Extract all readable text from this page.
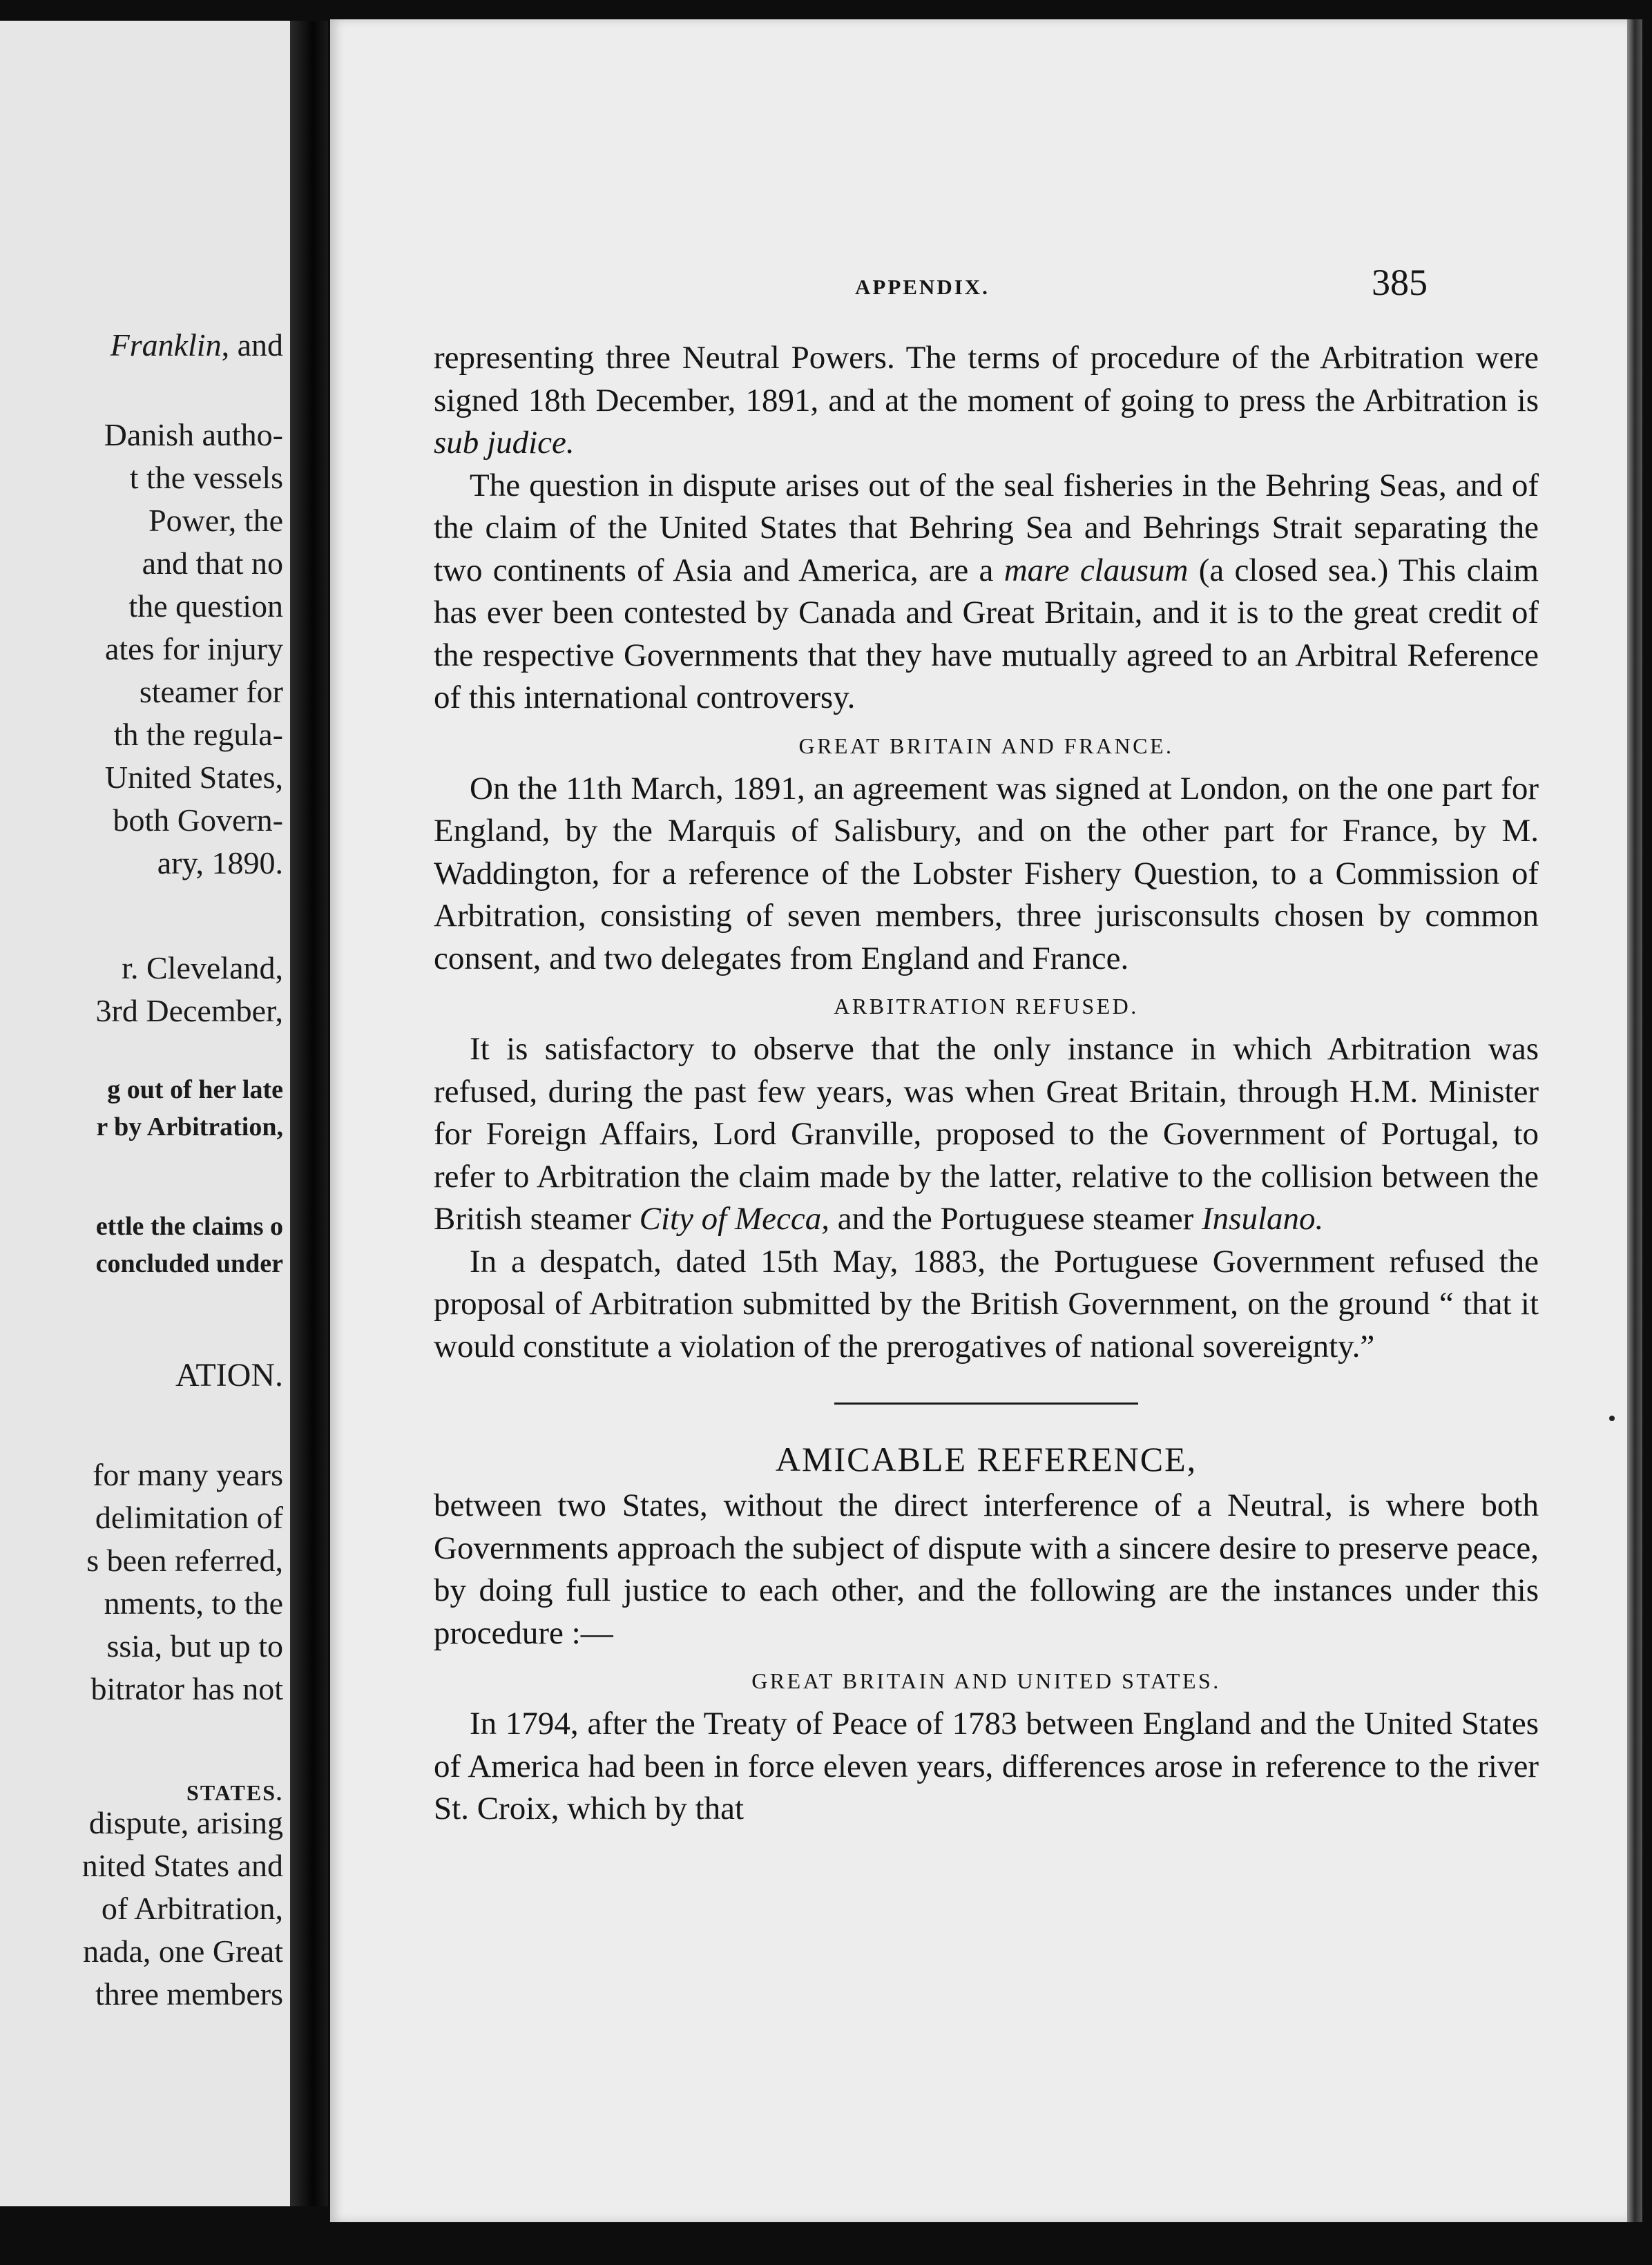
Franklin, and
Danish autho-
t the vessels
Power, the
and that no
the question
ates for injury
steamer for
th the regula-
United States,
both Govern-
ary, 1890.
r. Cleveland,
3rd December,
g out of her late
r by Arbitration,
ettle the claims o
concluded under
ATION.
for many years
delimitation of
s been referred,
nments, to the
ssia, but up to
bitrator has not
STATES.
dispute, arising
nited States and
of Arbitration,
nada, one Great
three members
APPENDIX.	385

representing three Neutral Powers. The terms of procedure of the Arbitration were signed 18th December, 1891, and at the moment of going to press the Arbitration is sub judice.

The question in dispute arises out of the seal fisheries in the Behring Seas, and of the claim of the United States that Behring Sea and Behrings Strait separating the two continents of Asia and America, are a mare clausum (a closed sea.) This claim has ever been contested by Canada and Great Britain, and it is to the great credit of the respective Governments that they have mutually agreed to an Arbitral Reference of this international controversy.

GREAT BRITAIN AND FRANCE.

On the 11th March, 1891, an agreement was signed at London, on the one part for England, by the Marquis of Salisbury, and on the other part for France, by M. Waddington, for a reference of the Lobster Fishery Question, to a Commission of Arbitration, consisting of seven members, three jurisconsults chosen by common consent, and two delegates from England and France.

ARBITRATION REFUSED.

It is satisfactory to observe that the only instance in which Arbitration was refused, during the past few years, was when Great Britain, through H.M. Minister for Foreign Affairs, Lord Granville, proposed to the Government of Portugal, to refer to Arbitration the claim made by the latter, relative to the collision between the British steamer City of Mecca, and the Portuguese steamer Insulano.

In a despatch, dated 15th May, 1883, the Portuguese Government refused the proposal of Arbitration submitted by the British Government, on the ground “ that it would constitute a violation of the prerogatives of national sovereignty.”

AMICABLE REFERENCE,

between two States, without the direct interference of a Neutral, is where both Governments approach the subject of dispute with a sincere desire to preserve peace, by doing full justice to each other, and the following are the instances under this procedure :—

GREAT BRITAIN AND UNITED STATES.

In 1794, after the Treaty of Peace of 1783 between England and the United States of America had been in force eleven years, differences arose in reference to the river St. Croix, which by that
